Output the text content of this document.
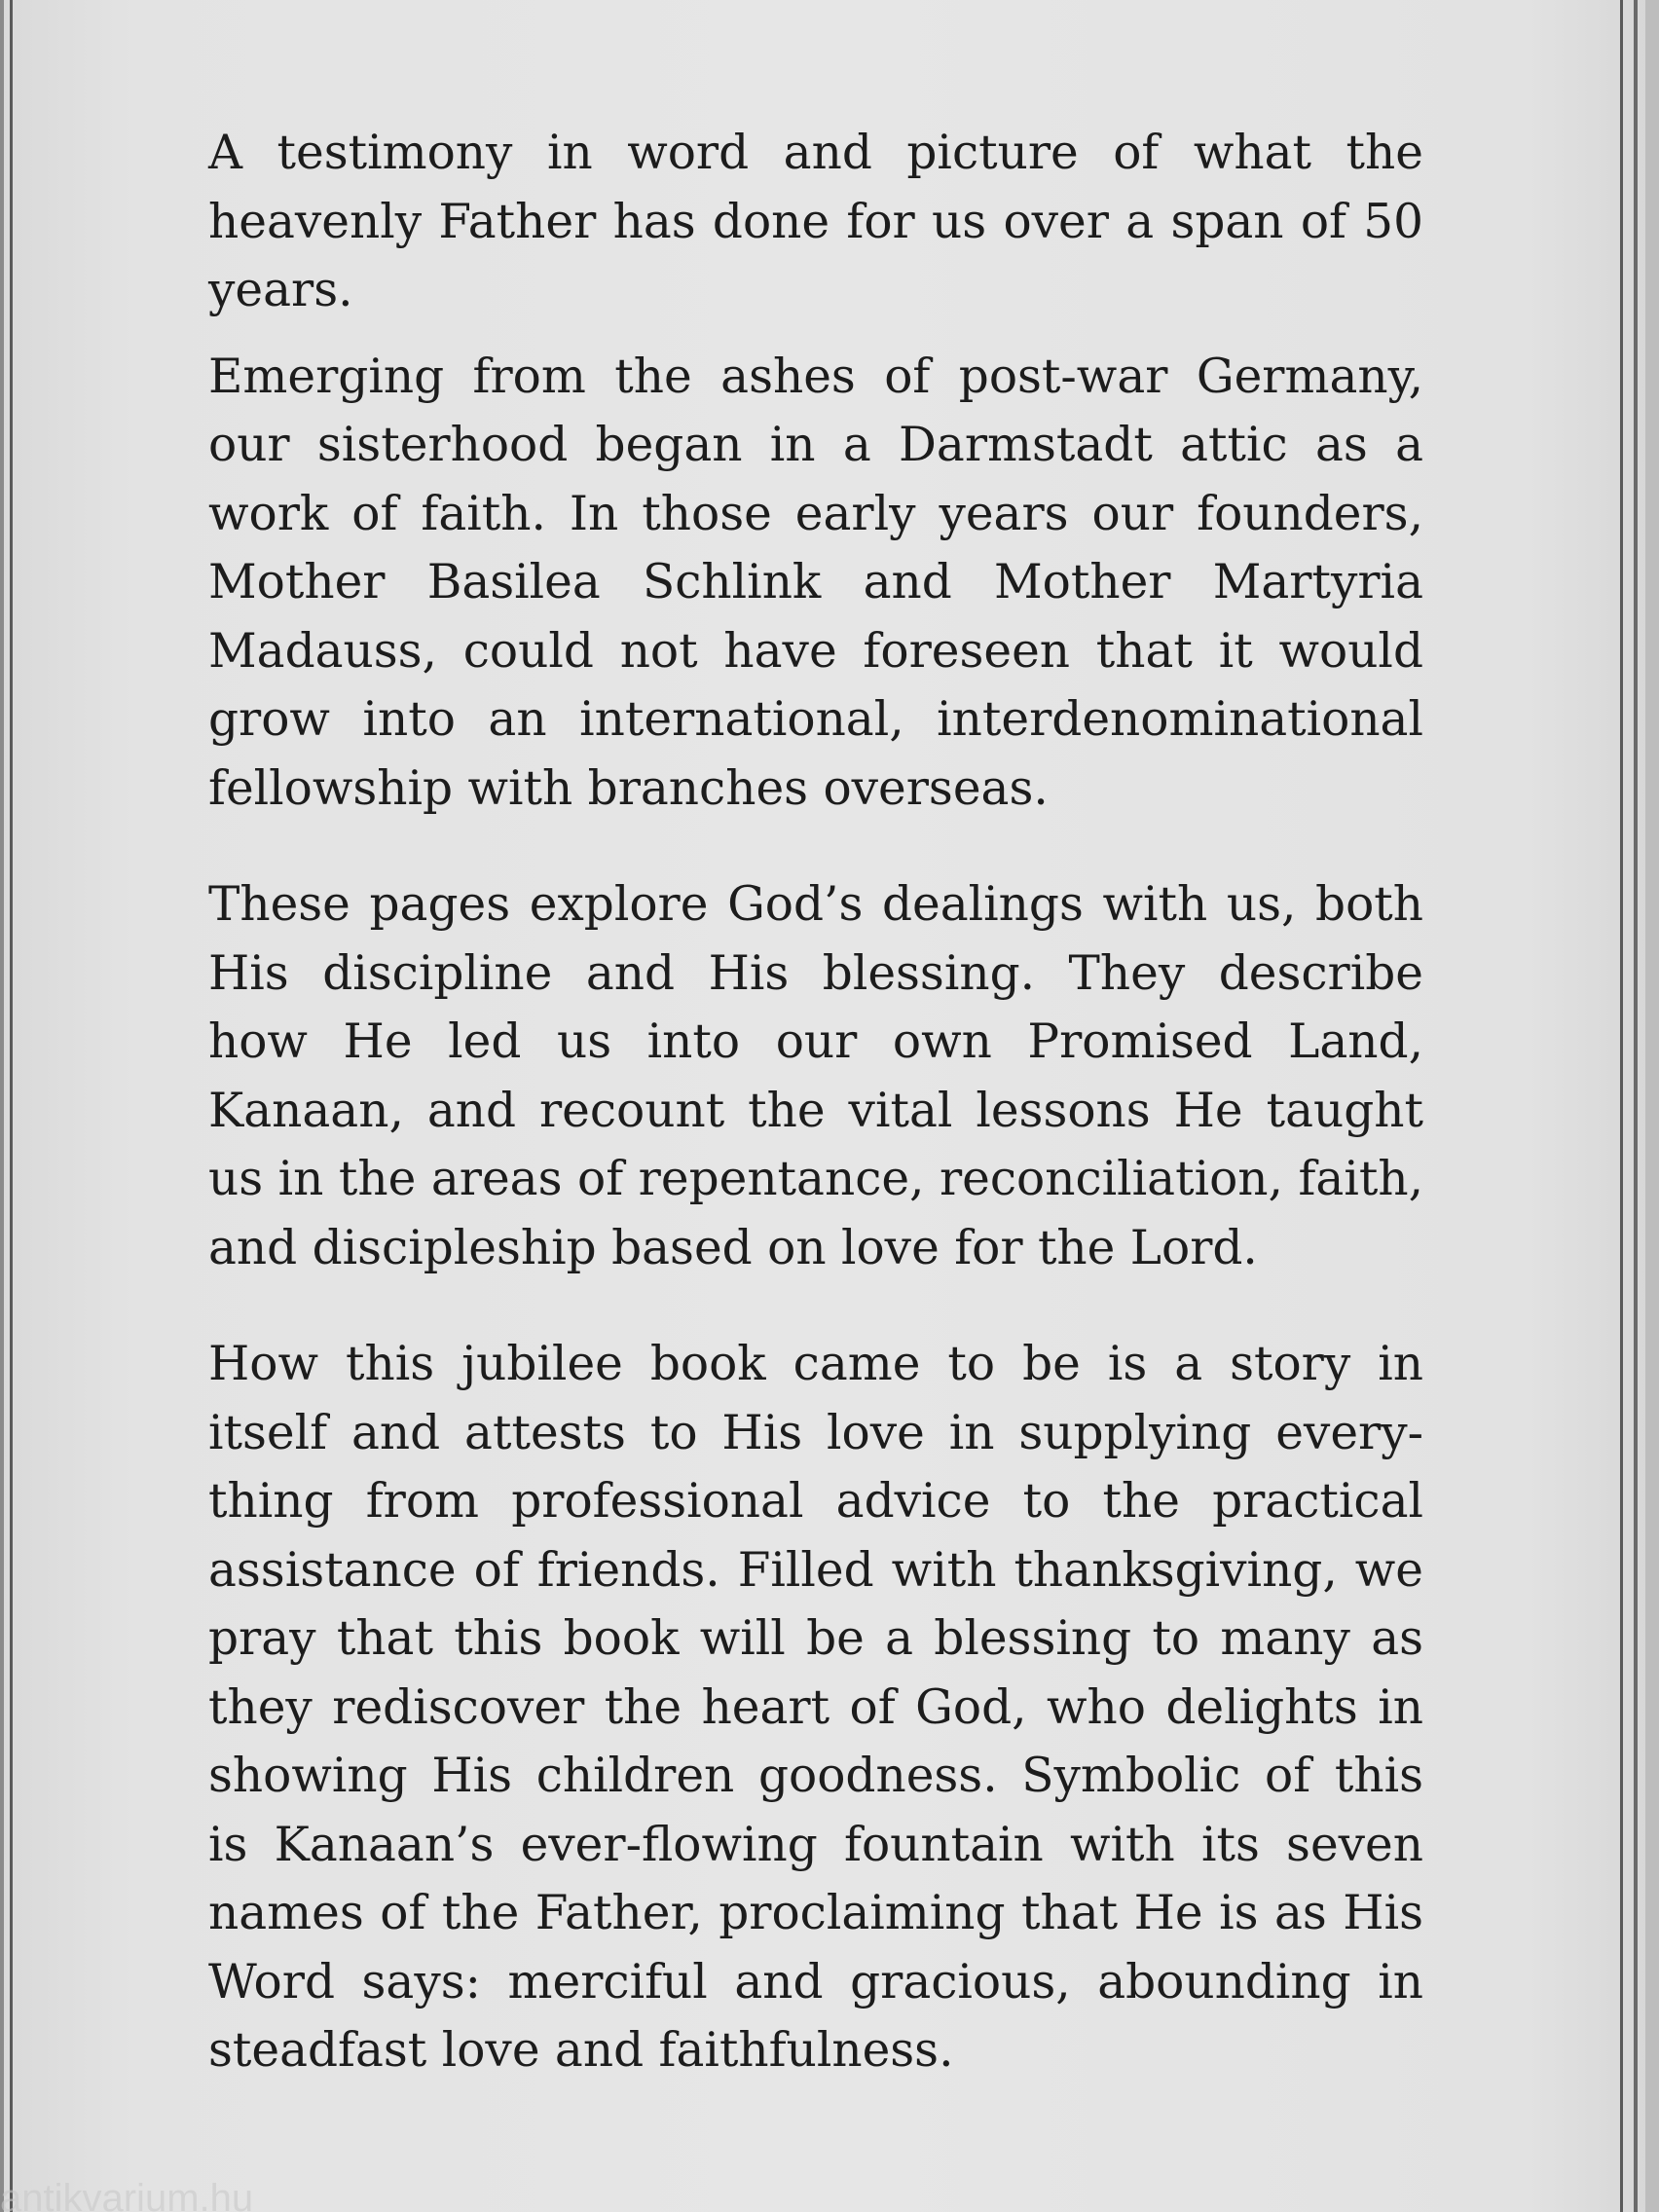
A testimony in word and picture of what the heavenly Father has done for us over a span of 50 years.

Emerging from the ashes of post-war Germany, our sisterhood began in a Darmstadt attic as a work of faith. In those early years our founders, Mother Basilea Schlink and Mother Martyria Madauss, could not have foreseen that it would grow into an international, interdenominational fellowship with branches overseas.

These pages explore God’s dealings with us, both His discipline and His blessing. They describe how He led us into our own Promised Land, Kanaan, and recount the vital lessons He taught us in the areas of repentance, reconciliation, faith, and discipleship based on love for the Lord.

How this jubilee book came to be is a story in itself and attests to His love in supplying every-thing from professional advice to the practical assistance of friends. Filled with thanksgiving, we pray that this book will be a blessing to many as they rediscover the heart of God, who delights in showing His children goodness. Symbolic of this is Kanaan’s ever-flowing fountain with its seven names of the Father, proclaiming that He is as His Word says: merciful and gracious, abounding in steadfast love and faithfulness.

antikvarium.hu
